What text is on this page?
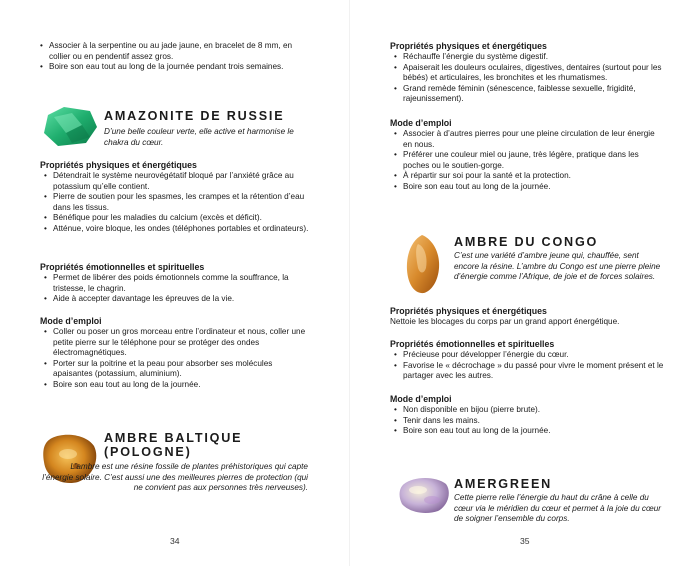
• Associer à la serpentine ou au jade jaune, en bracelet de 8 mm, en collier ou en pendentif assez gros.
• Boire son eau tout au long de la journée pendant trois semaines.
AMAZONITE DE RUSSIE
D’une belle couleur verte, elle active et harmonise le chakra du cœur.
Propriétés physiques et énergétiques
• Détendrait le système neurovégétatif bloqué par l’anxiété grâce au potassium qu’elle contient.
• Pierre de soutien pour les spasmes, les crampes et la rétention d’eau dans les tissus.
• Bénéfique pour les maladies du calcium (excès et déficit).
• Atténue, voire bloque, les ondes (téléphones portables et ordinateurs).
Propriétés émotionnelles et spirituelles
• Permet de libérer des poids émotionnels comme la souffrance, la tristesse, le chagrin.
• Aide à accepter davantage les épreuves de la vie.
Mode d’emploi
• Coller ou poser un gros morceau entre l’ordinateur et nous, coller une petite pierre sur le téléphone pour se protéger des ondes électromagnétiques.
• Porter sur la poitrine et la peau pour absorber ses molécules apaisantes (potassium, aluminium).
• Boire son eau tout au long de la journée.
AMBRE BALTIQUE
(POLOGNE)
L’ambre est une résine fossile de plantes préhistoriques qui capte l’énergie solaire. C’est aussi une des meilleures pierres de protection (qui ne convient pas aux personnes très nerveuses).
34
Propriétés physiques et énergétiques
• Réchauffe l’énergie du système digestif.
• Apaiserait les douleurs oculaires, digestives, dentaires (surtout pour les bébés) et articulaires, les bronchites et les rhumatismes.
• Grand remède féminin (sénescence, faiblesse sexuelle, frigidité, rajeunissement).
Mode d’emploi
• Associer à d’autres pierres pour une pleine circulation de leur énergie en nous.
• Préférer une couleur miel ou jaune, très légère, pratique dans les poches ou le soutien-gorge.
• À répartir sur soi pour la santé et la protection.
• Boire son eau tout au long de la journée.
AMBRE DU CONGO
C’est une variété d’ambre jeune qui, chauffée, sent encore la résine. L’ambre du Congo est une pierre pleine d’énergie comme l’Afrique, de joie et de forces solaires.
Propriétés physiques et énergétiques
Nettoie les blocages du corps par un grand apport énergétique.
Propriétés émotionnelles et spirituelles
• Précieuse pour développer l’énergie du cœur.
• Favorise le « décrochage » du passé pour vivre le moment présent et le partager avec les autres.
Mode d’emploi
• Non disponible en bijou (pierre brute).
• Tenir dans les mains.
• Boire son eau tout au long de la journée.
AMERGREEN
Cette pierre relie l’énergie du haut du crâne à celle du cœur via le méridien du cœur et permet à la joie du cœur de soigner l’ensemble du corps.
35
